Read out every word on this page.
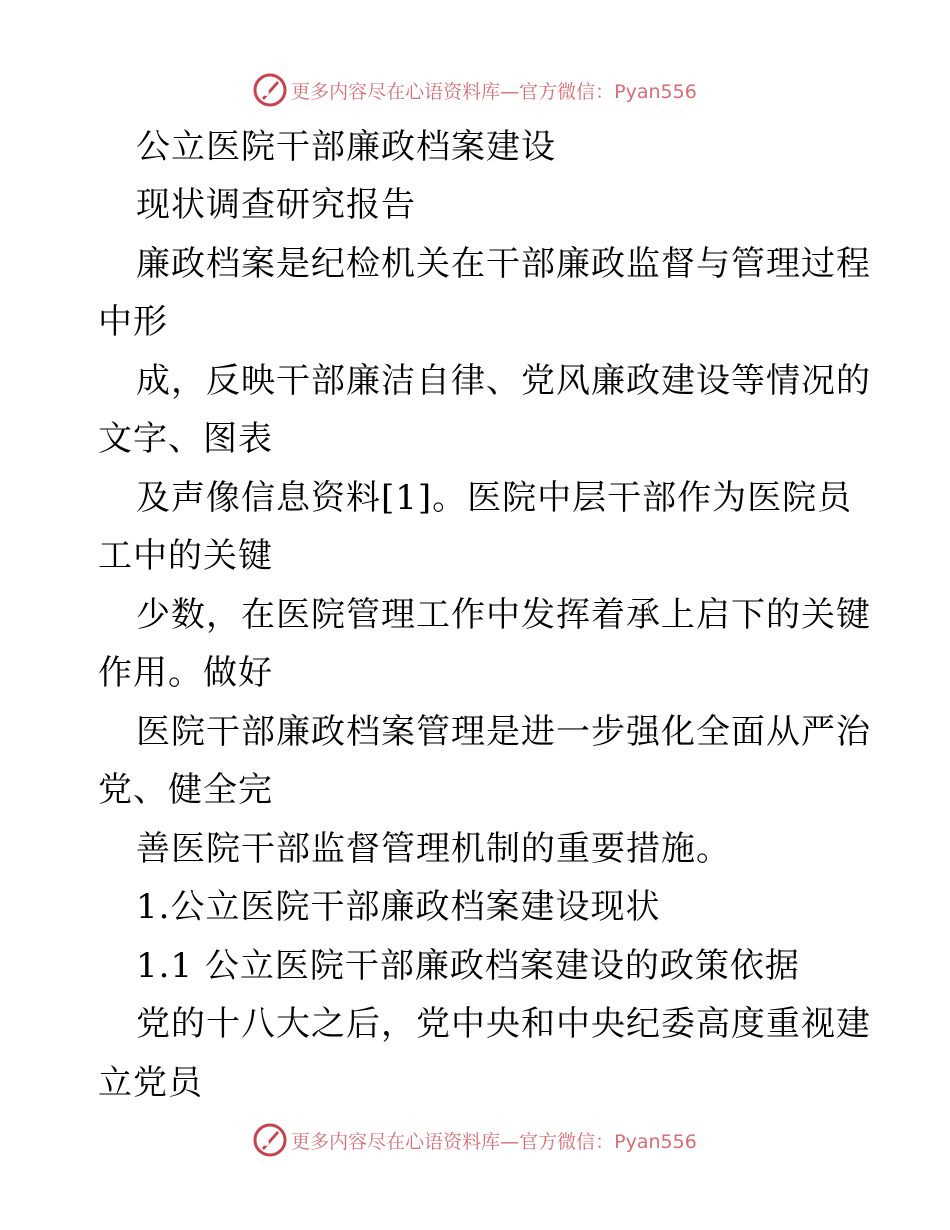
更多内容尽在心语资料库—官方微信：Pyan556
公立医院干部廉政档案建设
现状调查研究报告
廉政档案是纪检机关在干部廉政监督与管理过程
中形
成，反映干部廉洁自律、党风廉政建设等情况的
文字、图表
及声像信息资料[1]。医院中层干部作为医院员
工中的关键
少数，在医院管理工作中发挥着承上启下的关键
作用。做好
医院干部廉政档案管理是进一步强化全面从严治
党、健全完
善医院干部监督管理机制的重要措施。
1.公立医院干部廉政档案建设现状
1.1 公立医院干部廉政档案建设的政策依据
党的十八大之后，党中央和中央纪委高度重视建
立党员
更多内容尽在心语资料库—官方微信：Pyan556
